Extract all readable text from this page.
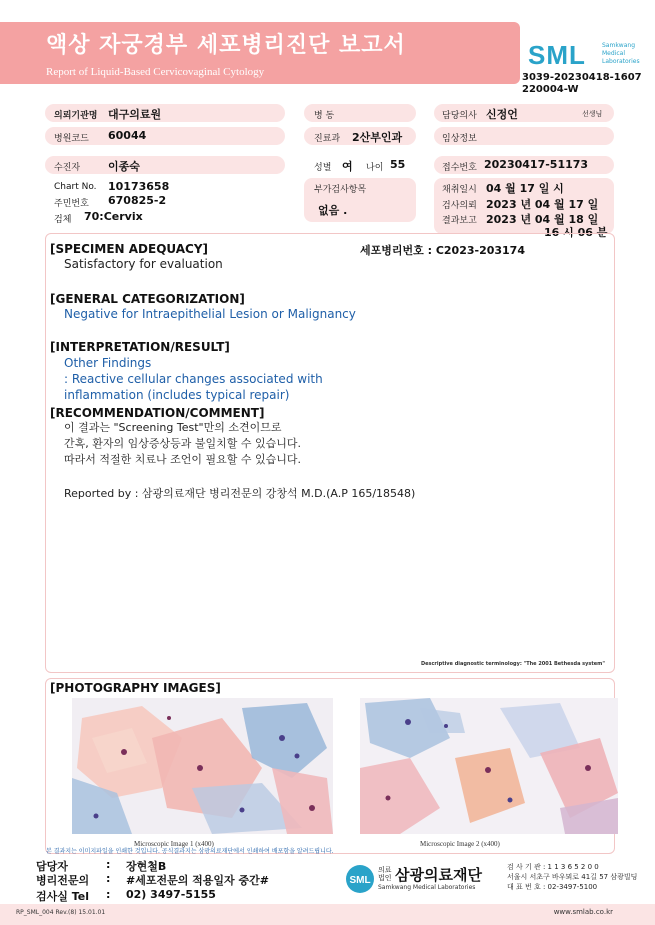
액상 자궁경부 세포병리진단 보고서
Report of Liquid-Based Cervicovaginal Cytology
SML	Samkwang
Medical
Laboratories
3039-20230418-1607
220004-W
의뢰기관명 대구의료원	병 동	담당의사 신정언	선생님
병원코드 60044	진료과 2산부인과	임상정보
수진자	이종숙	성별 여 나이 55	접수번호 20230417-51173
Chart No. 10173658
주민번호 670825-2
검체 70:Cervix
부가검사항목
없음 .
채취일시 04 월 17 일 시
검사의뢰 2023 년 04 월 17 일
결과보고 2023 년 04 월 18 일
16 시 06 분
[SPECIMEN ADEQUACY]	세포병리번호 : C2023-203174
Satisfactory for evaluation
[GENERAL CATEGORIZATION]
Negative for Intraepithelial Lesion or Malignancy
[INTERPRETATION/RESULT]
Other Findings
: Reactive cellular changes associated with
inflammation (includes typical repair)
[RECOMMENDATION/COMMENT]
이 결과는 "Screening Test"만의 소견이므로
간혹, 환자의 임상증상등과 불일치할 수 있습니다.
따라서 적절한 치료나 조언이 필요할 수 있습니다.
Reported by : 삼광의료재단 병리전문의 강창석 M.D.(A.P 165/18548)
Descriptive diagnostic terminology: "The 2001 Bethesda system"
[PHOTOGRAPHY IMAGES]
Microscopic Image 1 (x400)	Microscopic Image 2 (x400)
본 결과지는 이미지파일을 인쇄한 것입니다. 공식결과지는 삼광의료재단에서 인쇄하여 배포함을 알려드립니다.
담당자	: 장현철B
병리전문의 : #세포전문의 적용일자 중간#
검사실 Tel : 02) 3497-5155
SML
의료
법인 삼광의료재단
Samkwang Medical Laboratories
검 사 기 관 : 1 1 3 6 5 2 0 0
서울시 서초구 바우뫼로 41길 57 삼광빌딩
대 표 번 호 : 02-3497-5100
RP_SML_004 Rev.(8) 15.01.01	www.smlab.co.kr
